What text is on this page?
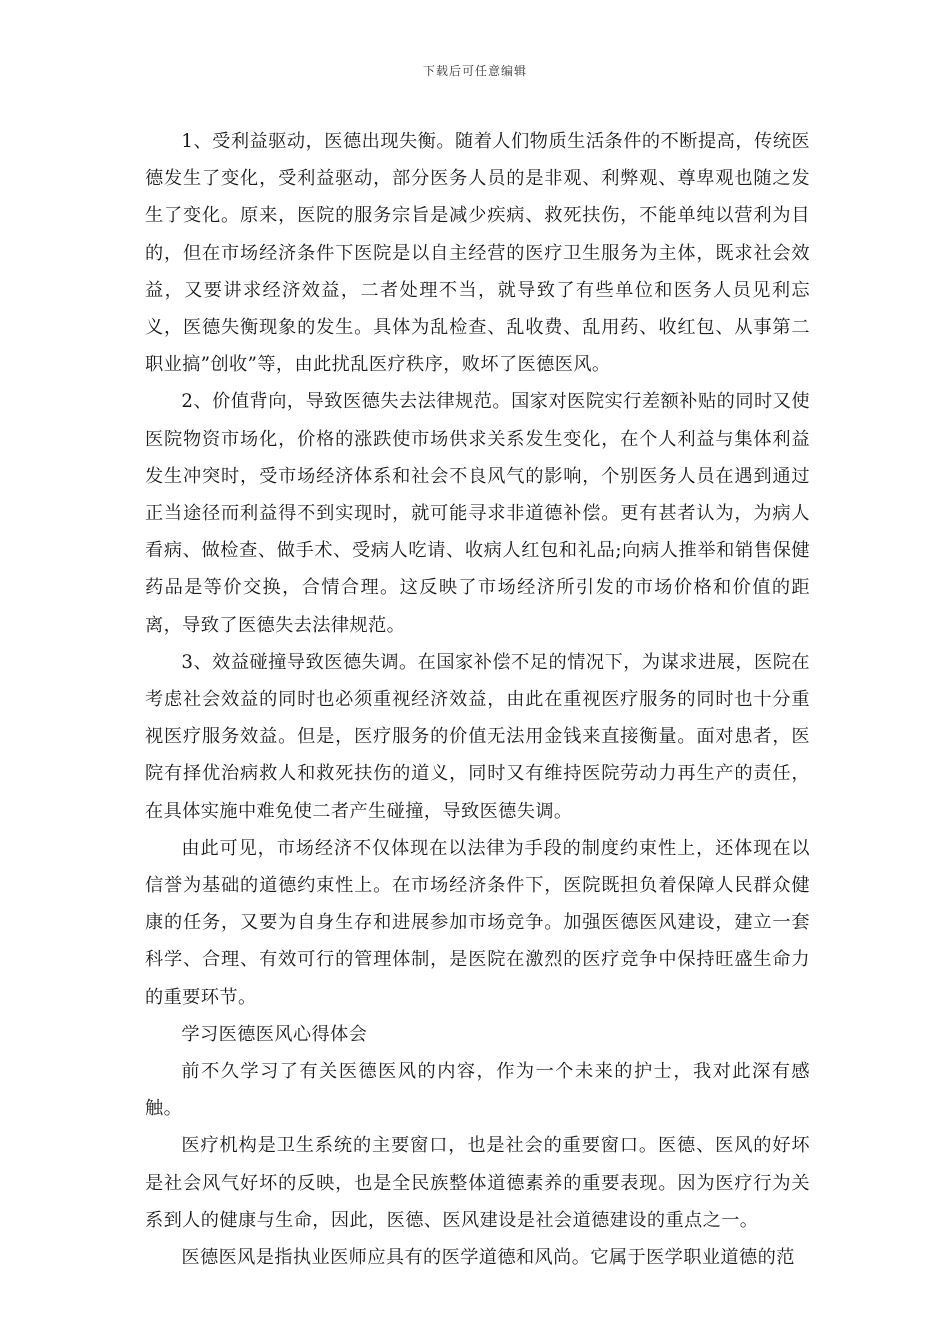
下载后可任意编辑

1、受利益驱动，医德出现失衡。随着人们物质生活条件的不断提高，传统医德发生了变化，受利益驱动，部分医务人员的是非观、利弊观、尊卑观也随之发生了变化。原来，医院的服务宗旨是减少疾病、救死扶伤，不能单纯以营利为目的，但在市场经济条件下医院是以自主经营的医疗卫生服务为主体，既求社会效益，又要讲求经济效益，二者处理不当，就导致了有些单位和医务人员见利忘义，医德失衡现象的发生。具体为乱检查、乱收费、乱用药、收红包、从事第二职业搞”创收”等，由此扰乱医疗秩序，败坏了医德医风。

2、价值背向，导致医德失去法律规范。国家对医院实行差额补贴的同时又使医院物资市场化，价格的涨跌使市场供求关系发生变化，在个人利益与集体利益发生冲突时，受市场经济体系和社会不良风气的影响，个别医务人员在遇到通过正当途径而利益得不到实现时，就可能寻求非道德补偿。更有甚者认为，为病人看病、做检查、做手术、受病人吃请、收病人红包和礼品;向病人推举和销售保健药品是等价交换，合情合理。这反映了市场经济所引发的市场价格和价值的距离，导致了医德失去法律规范。

3、效益碰撞导致医德失调。在国家补偿不足的情况下，为谋求进展，医院在考虑社会效益的同时也必须重视经济效益，由此在重视医疗服务的同时也十分重视医疗服务效益。但是，医疗服务的价值无法用金钱来直接衡量。面对患者，医院有择优治病救人和救死扶伤的道义，同时又有维持医院劳动力再生产的责任，在具体实施中难免使二者产生碰撞，导致医德失调。

由此可见，市场经济不仅体现在以法律为手段的制度约束性上，还体现在以信誉为基础的道德约束性上。在市场经济条件下，医院既担负着保障人民群众健康的任务，又要为自身生存和进展参加市场竞争。加强医德医风建设，建立一套科学、合理、有效可行的管理体制，是医院在激烈的医疗竞争中保持旺盛生命力的重要环节。

学习医德医风心得体会

前不久学习了有关医德医风的内容，作为一个未来的护士，我对此深有感触。

医疗机构是卫生系统的主要窗口，也是社会的重要窗口。医德、医风的好坏是社会风气好坏的反映，也是全民族整体道德素养的重要表现。因为医疗行为关系到人的健康与生命，因此，医德、医风建设是社会道德建设的重点之一。

医德医风是指执业医师应具有的医学道德和风尚。它属于医学职业道德的范
